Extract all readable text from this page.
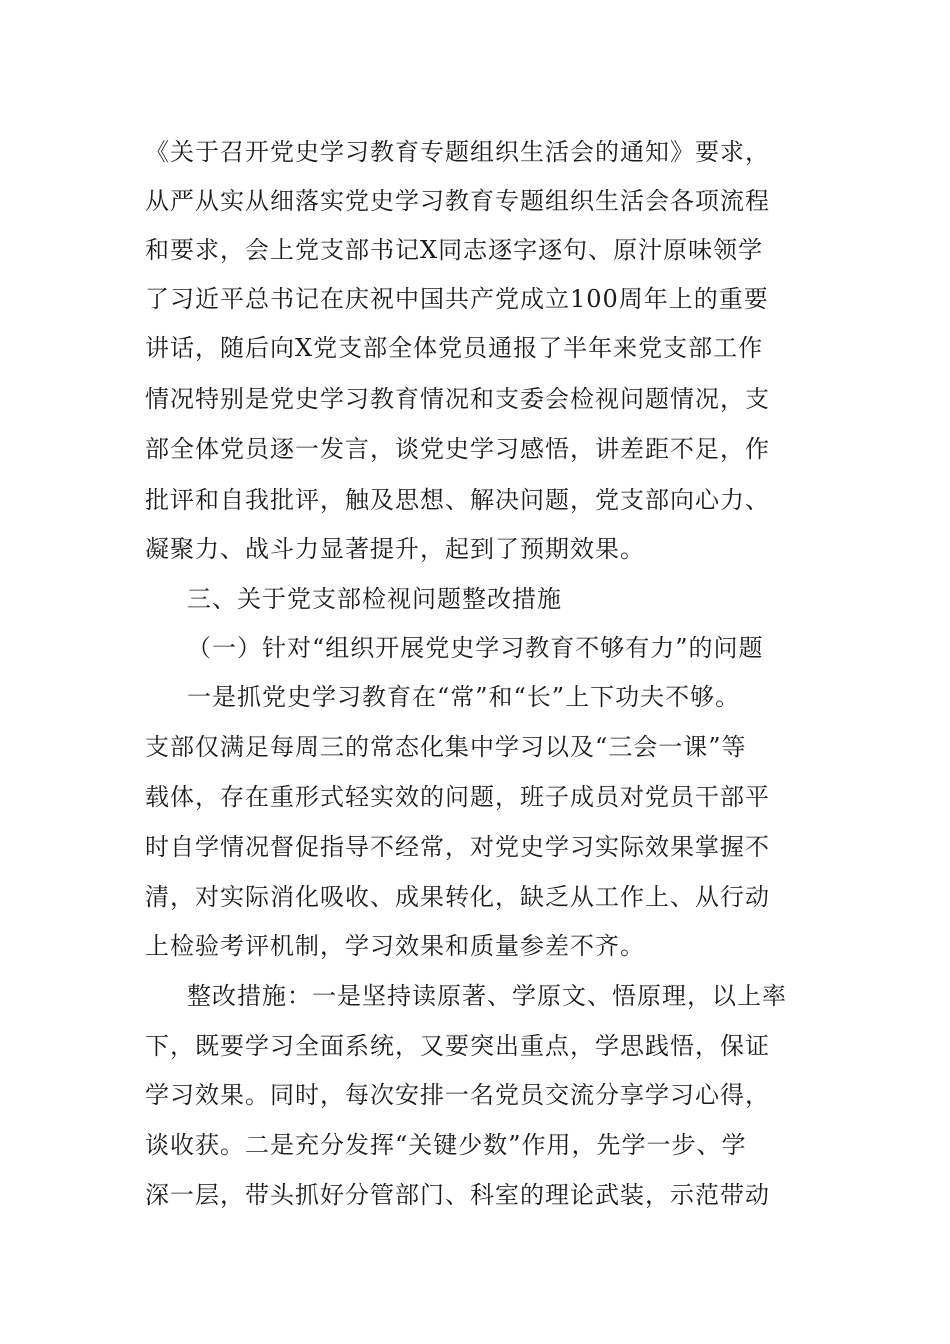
《关于召开党史学习教育专题组织生活会的通知》要求，
从严从实从细落实党史学习教育专题组织生活会各项流程
和要求，会上党支部书记X同志逐字逐句、原汁原味领学
了习近平总书记在庆祝中国共产党成立100周年上的重要
讲话，随后向X党支部全体党员通报了半年来党支部工作
情况特别是党史学习教育情况和支委会检视问题情况，支
部全体党员逐一发言，谈党史学习感悟，讲差距不足，作
批评和自我批评，触及思想、解决问题，党支部向心力、
凝聚力、战斗力显著提升，起到了预期效果。
三、关于党支部检视问题整改措施
（一）针对“组织开展党史学习教育不够有力”的问题
一是抓党史学习教育在“常”和“长”上下功夫不够。
支部仅满足每周三的常态化集中学习以及“三会一课”等
载体，存在重形式轻实效的问题，班子成员对党员干部平
时自学情况督促指导不经常，对党史学习实际效果掌握不
清，对实际消化吸收、成果转化，缺乏从工作上、从行动
上检验考评机制，学习效果和质量参差不齐。
整改措施：一是坚持读原著、学原文、悟原理，以上率
下，既要学习全面系统，又要突出重点，学思践悟，保证
学习效果。同时，每次安排一名党员交流分享学习心得，
谈收获。二是充分发挥“关键少数”作用，先学一步、学
深一层，带头抓好分管部门、科室的理论武装，示范带动
